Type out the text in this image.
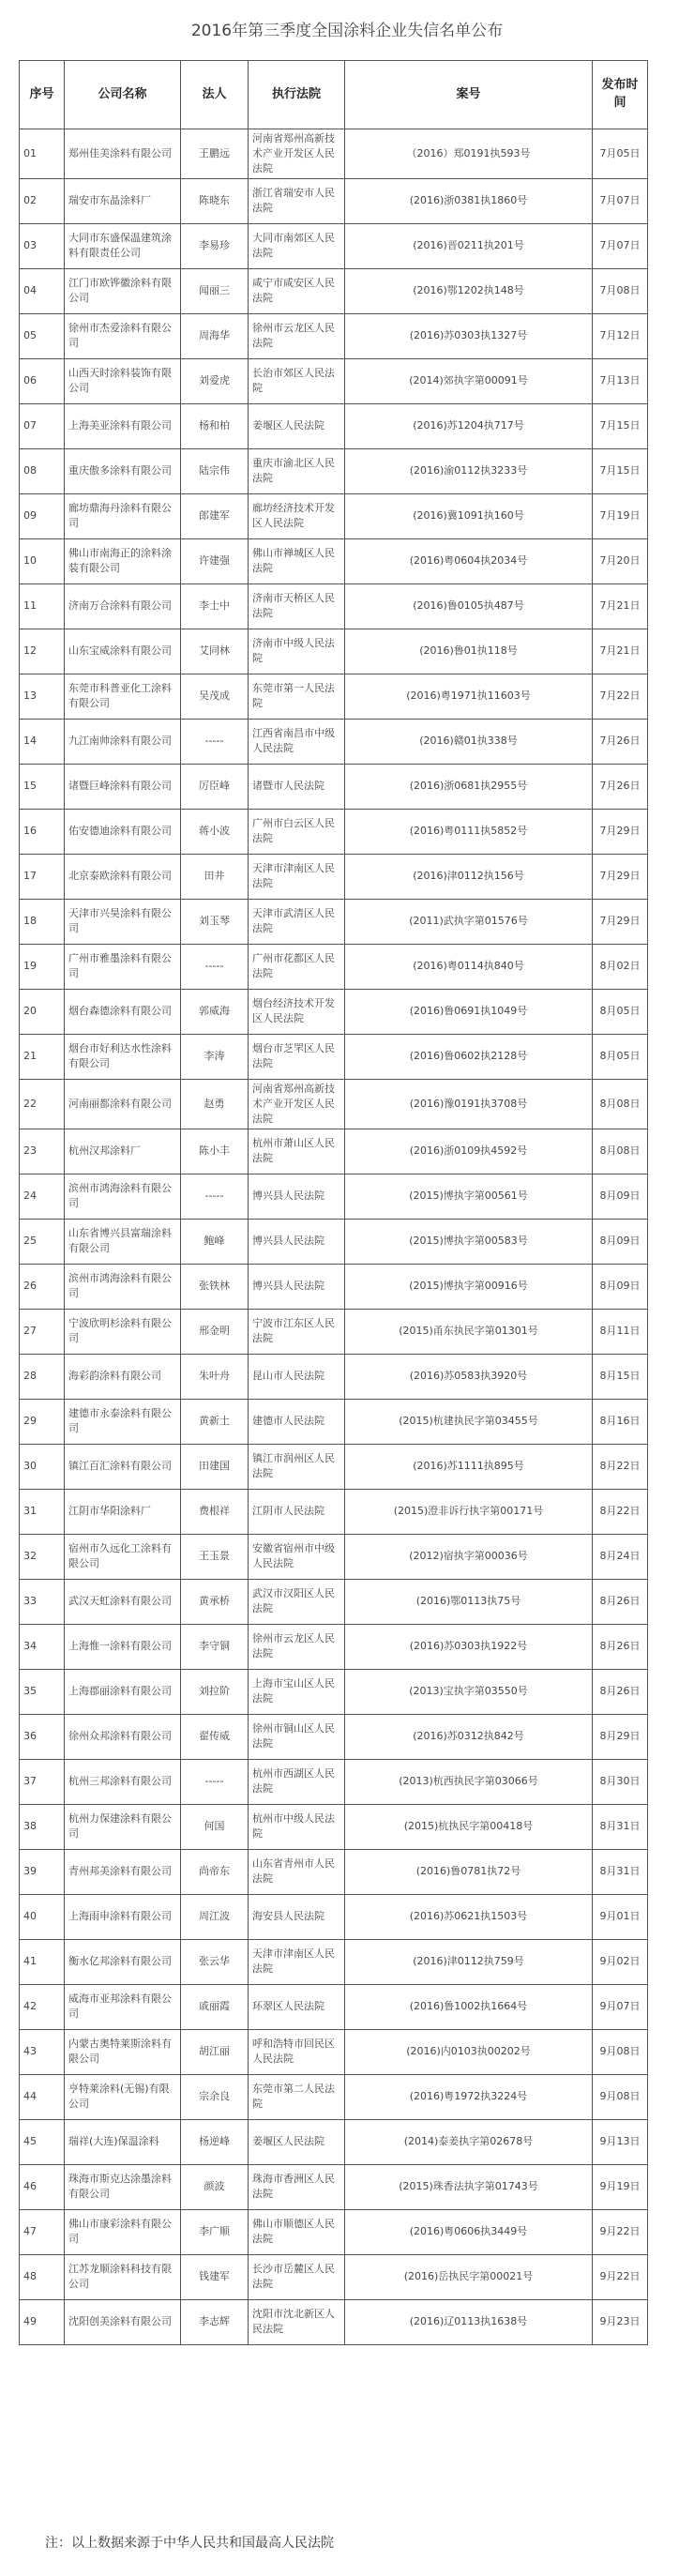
2016年第三季度全国涂料企业失信名单公布
序号	公司名称	法人	执行法院	案号	发布时间
01	郑州佳美涂料有限公司	王鹏远	河南省郑州高新技术产业开发区人民法院	（2016）郑0191执593号	7月05日
02	瑞安市东晶涂料厂	陈晓东	浙江省瑞安市人民法院	(2016)浙0381执1860号	7月07日
03	大同市东盛保温建筑涂料有限责任公司	李易珍	大同市南郊区人民法院	(2016)晋0211执201号	7月07日
04	江门市欧铧徽涂料有限公司	闻丽三	咸宁市咸安区人民法院	(2016)鄂1202执148号	7月08日
05	徐州市杰爱涂料有限公司	周海华	徐州市云龙区人民法院	(2016)苏0303执1327号	7月12日
06	山西天时涂料装饰有限公司	刘爱虎	长治市郊区人民法院	(2014)郊执字第00091号	7月13日
07	上海美亚涂料有限公司	杨和柏	姜堰区人民法院	(2016)苏1204执717号	7月15日
08	重庆傲多涂料有限公司	陆宗伟	重庆市渝北区人民法院	(2016)渝0112执3233号	7月15日
09	廊坊鼎海丹涂料有限公司	郎建军	廊坊经济技术开发区人民法院	(2016)冀1091执160号	7月19日
10	佛山市南海正的涂料涂装有限公司	许建强	佛山市禅城区人民法院	(2016)粤0604执2034号	7月20日
11	济南万合涂料有限公司	李士中	济南市天桥区人民法院	(2016)鲁0105执487号	7月21日
12	山东宝威涂料有限公司	艾同林	济南市中级人民法院	(2016)鲁01执118号	7月21日
13	东莞市科普亚化工涂料有限公司	吴茂成	东莞市第一人民法院	(2016)粤1971执11603号	7月22日
14	九江南帅涂料有限公司	-----	江西省南昌市中级人民法院	(2016)赣01执338号	7月26日
15	诸暨巨峰涂料有限公司	厉臣峰	诸暨市人民法院	(2016)浙0681执2955号	7月26日
16	佑安德迪涂料有限公司	蒋小波	广州市白云区人民法院	(2016)粤0111执5852号	7月29日
17	北京泰欧涂料有限公司	田井	天津市津南区人民法院	(2016)津0112执156号	7月29日
18	天津市兴昊涂料有限公司	刘玉琴	天津市武清区人民法院	(2011)武执字第01576号	7月29日
19	广州市雅墨涂料有限公司	-----	广州市花都区人民法院	(2016)粤0114执840号	8月02日
20	烟台森德涂料有限公司	郭威海	烟台经济技术开发区人民法院	(2016)鲁0691执1049号	8月05日
21	烟台市好利达水性涂料有限公司	李涛	烟台市芝罘区人民法院	(2016)鲁0602执2128号	8月05日
22	河南丽都涂料有限公司	赵勇	河南省郑州高新技术产业开发区人民法院	(2016)豫0191执3708号	8月08日
23	杭州汉邦涂料厂	陈小丰	杭州市萧山区人民法院	(2016)浙0109执4592号	8月08日
24	滨州市鸿海涂料有限公司	-----	博兴县人民法院	(2015)博执字第00561号	8月09日
25	山东省博兴县富瑞涂料有限公司	鲍峰	博兴县人民法院	(2015)博执字第00583号	8月09日
26	滨州市鸿海涂料有限公司	张铁林	博兴县人民法院	(2015)博执字第00916号	8月09日
27	宁波欣明杉涂料有限公司	邢金明	宁波市江东区人民法院	(2015)甬东执民字第01301号	8月11日
28	海彩韵涂料有限公司	朱叶舟	昆山市人民法院	(2016)苏0583执3920号	8月15日
29	建德市永泰涂料有限公司	黄新土	建德市人民法院	(2015)杭建执民字第03455号	8月16日
30	镇江百汇涂料有限公司	田建国	镇江市润州区人民法院	(2016)苏1111执895号	8月22日
31	江阴市华阳涂料厂	费根祥	江阴市人民法院	(2015)澄非诉行执字第00171号	8月22日
32	宿州市久远化工涂料有限公司	王玉景	安徽省宿州市中级人民法院	(2012)宿执字第00036号	8月24日
33	武汉天虹涂料有限公司	黄承桥	武汉市汉阳区人民法院	(2016)鄂0113执75号	8月26日
34	上海惟一涂料有限公司	李守铜	徐州市云龙区人民法院	(2016)苏0303执1922号	8月26日
35	上海郡丽涂料有限公司	刘拉阶	上海市宝山区人民法院	(2013)宝执字第03550号	8月26日
36	徐州众邦涂料有限公司	翟传威	徐州市铜山区人民法院	(2016)苏0312执842号	8月29日
37	杭州三邦涂料有限公司	-----	杭州市西湖区人民法院	(2013)杭西执民字第03066号	8月30日
38	杭州力保建涂料有限公司	何国	杭州市中级人民法院	(2015)杭执民字第00418号	8月31日
39	青州邦美涂料有限公司	尚帝东	山东省青州市人民法院	(2016)鲁0781执72号	8月31日
40	上海雨申涂料有限公司	周江波	海安县人民法院	(2016)苏0621执1503号	9月01日
41	衡水亿邦涂料有限公司	张云华	天津市津南区人民法院	(2016)津0112执759号	9月02日
42	威海市亚邦涂料有限公司	戚丽霞	环翠区人民法院	(2016)鲁1002执1664号	9月07日
43	内蒙古奥特莱斯涂料有限公司	胡江丽	呼和浩特市回民区人民法院	(2016)内0103执00202号	9月08日
44	亨特莱涂料(无锡)有限公司	宗余良	东莞市第二人民法院	(2016)粤1972执3224号	9月08日
45	瑞祥(大连)保温涂料	杨逆峰	姜堰区人民法院	(2014)泰姜执字第02678号	9月13日
46	珠海市斯克达涂墨涂料有限公司	颜波	珠海市香洲区人民法院	(2015)珠香法执字第01743号	9月19日
47	佛山市康彩涂料有限公司	李广顺	佛山市顺德区人民法院	(2016)粤0606执3449号	9月22日
48	江苏龙顺涂料科技有限公司	钱建军	长沙市岳麓区人民法院	(2016)岳执民字第00021号	9月22日
49	沈阳创美涂料有限公司	李志辉	沈阳市沈北新区人民法院	(2016)辽0113执1638号	9月23日
注：以上数据来源于中华人民共和国最高人民法院
